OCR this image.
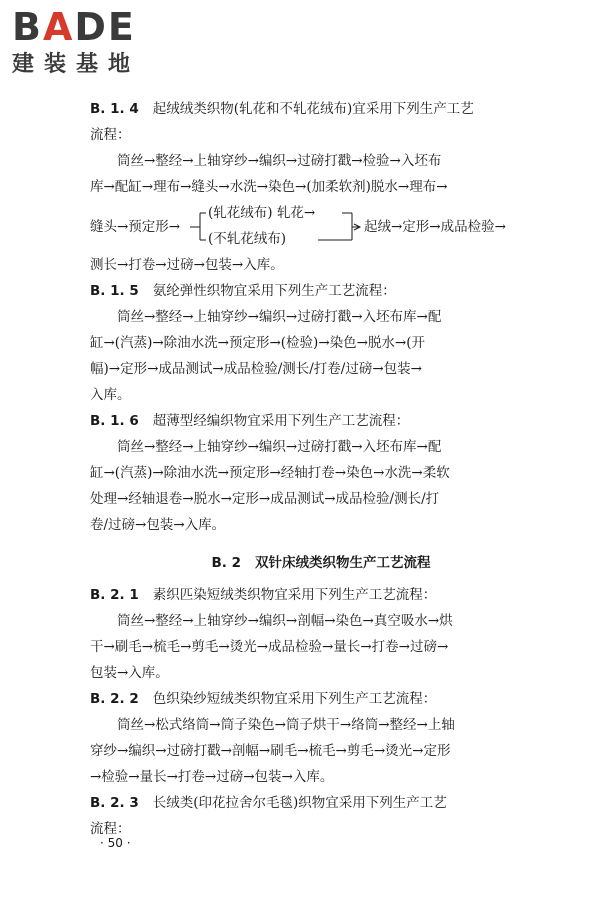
BADE
建装基地

B. 1. 4 起绒绒类织物(轧花和不轧花绒布)宜采用下列生产工艺

流程：

筒丝→整经→上轴穿纱→编织→过磅打戳→检验→入坯布

库→配缸→理布→缝头→水洗→染色→(加柔软剂)脱水→理布→

缝头→预定形→
(轧花绒布) 轧花→
(不轧花绒布)
起绒→定形→成品检验→

测长→打卷→过磅→包装→入库。

B. 1. 5 氨纶弹性织物宜采用下列生产工艺流程：

筒丝→整经→上轴穿纱→编织→过磅打戳→入坯布库→配

缸→(汽蒸)→除油水洗→预定形→(检验)→染色→脱水→(开

幅)→定形→成品测试→成品检验/测长/打卷/过磅→包装→

入库。

B. 1. 6 超薄型经编织物宜采用下列生产工艺流程：

筒丝→整经→上轴穿纱→编织→过磅打戳→入坯布库→配

缸→(汽蒸)→除油水洗→预定形→经轴打卷→染色→水洗→柔软

处理→经轴退卷→脱水→定形→成品测试→成品检验/测长/打

卷/过磅→包装→入库。

B. 2 双针床绒类织物生产工艺流程

B. 2. 1 素织匹染短绒类织物宜采用下列生产工艺流程：

筒丝→整经→上轴穿纱→编织→剖幅→染色→真空吸水→烘

干→刷毛→梳毛→剪毛→烫光→成品检验→量长→打卷→过磅→

包装→入库。

B. 2. 2 色织染纱短绒类织物宜采用下列生产工艺流程：

筒丝→松式络筒→筒子染色→筒子烘干→络筒→整经→上轴

穿纱→编织→过磅打戳→剖幅→刷毛→梳毛→剪毛→烫光→定形

→检验→量长→打卷→过磅→包装→入库。

B. 2. 3 长绒类(印花拉舍尔毛毯)织物宜采用下列生产工艺

流程：

· 50 ·
